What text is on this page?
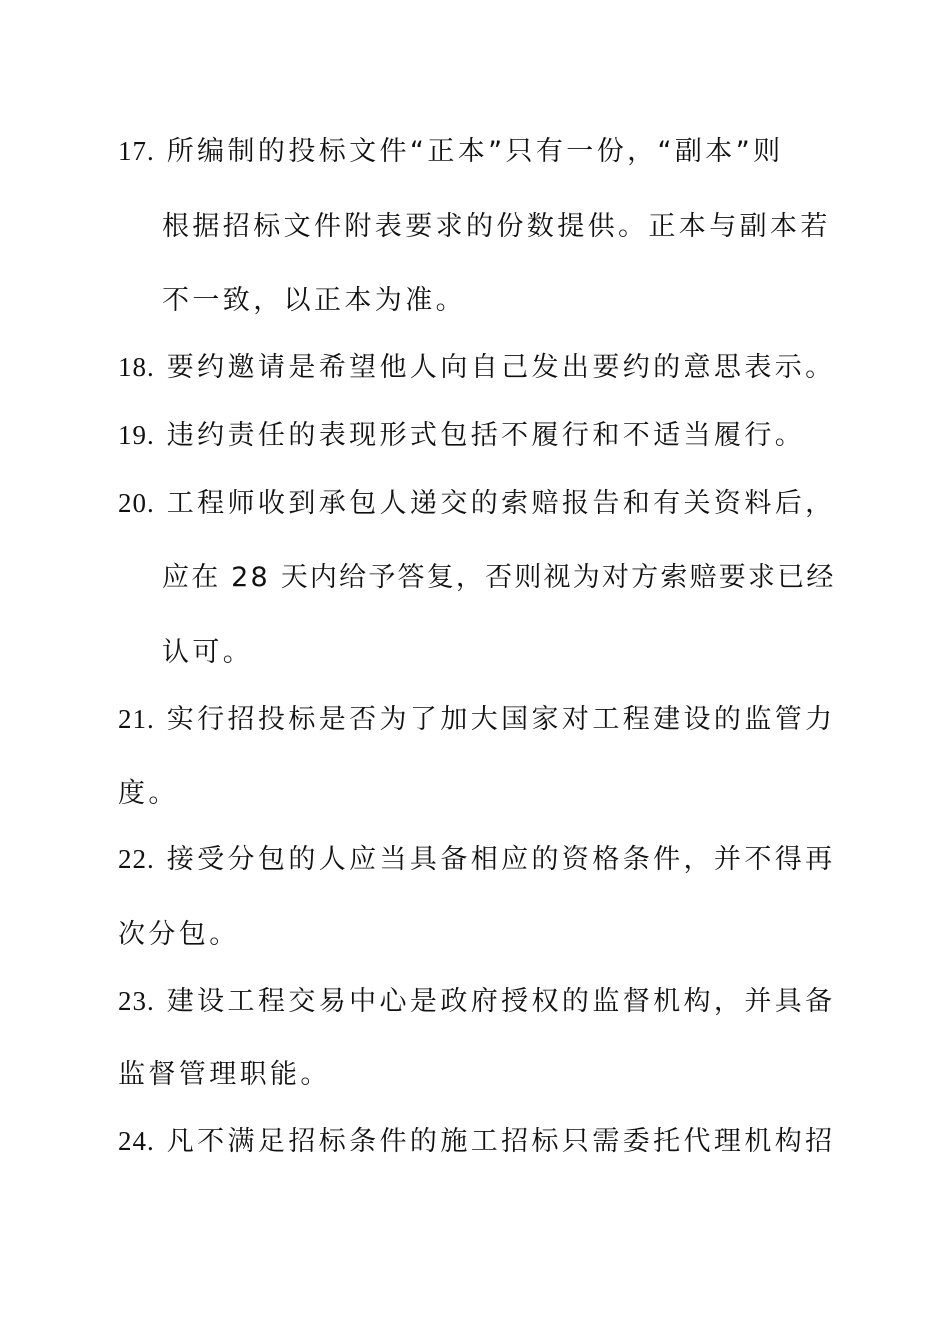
17. 所编制的投标文件“正本”只有一份，“副本”则
根据招标文件附表要求的份数提供。正本与副本若
不一致，以正本为准。
18. 要约邀请是希望他人向自己发出要约的意思表示。
19. 违约责任的表现形式包括不履行和不适当履行。
20. 工程师收到承包人递交的索赔报告和有关资料后，
应在 28 天内给予答复，否则视为对方索赔要求已经
认可。
21. 实行招投标是否为了加大国家对工程建设的监管力
度。
22. 接受分包的人应当具备相应的资格条件，并不得再
次分包。
23. 建设工程交易中心是政府授权的监督机构，并具备
监督管理职能。
24. 凡不满足招标条件的施工招标只需委托代理机构招
